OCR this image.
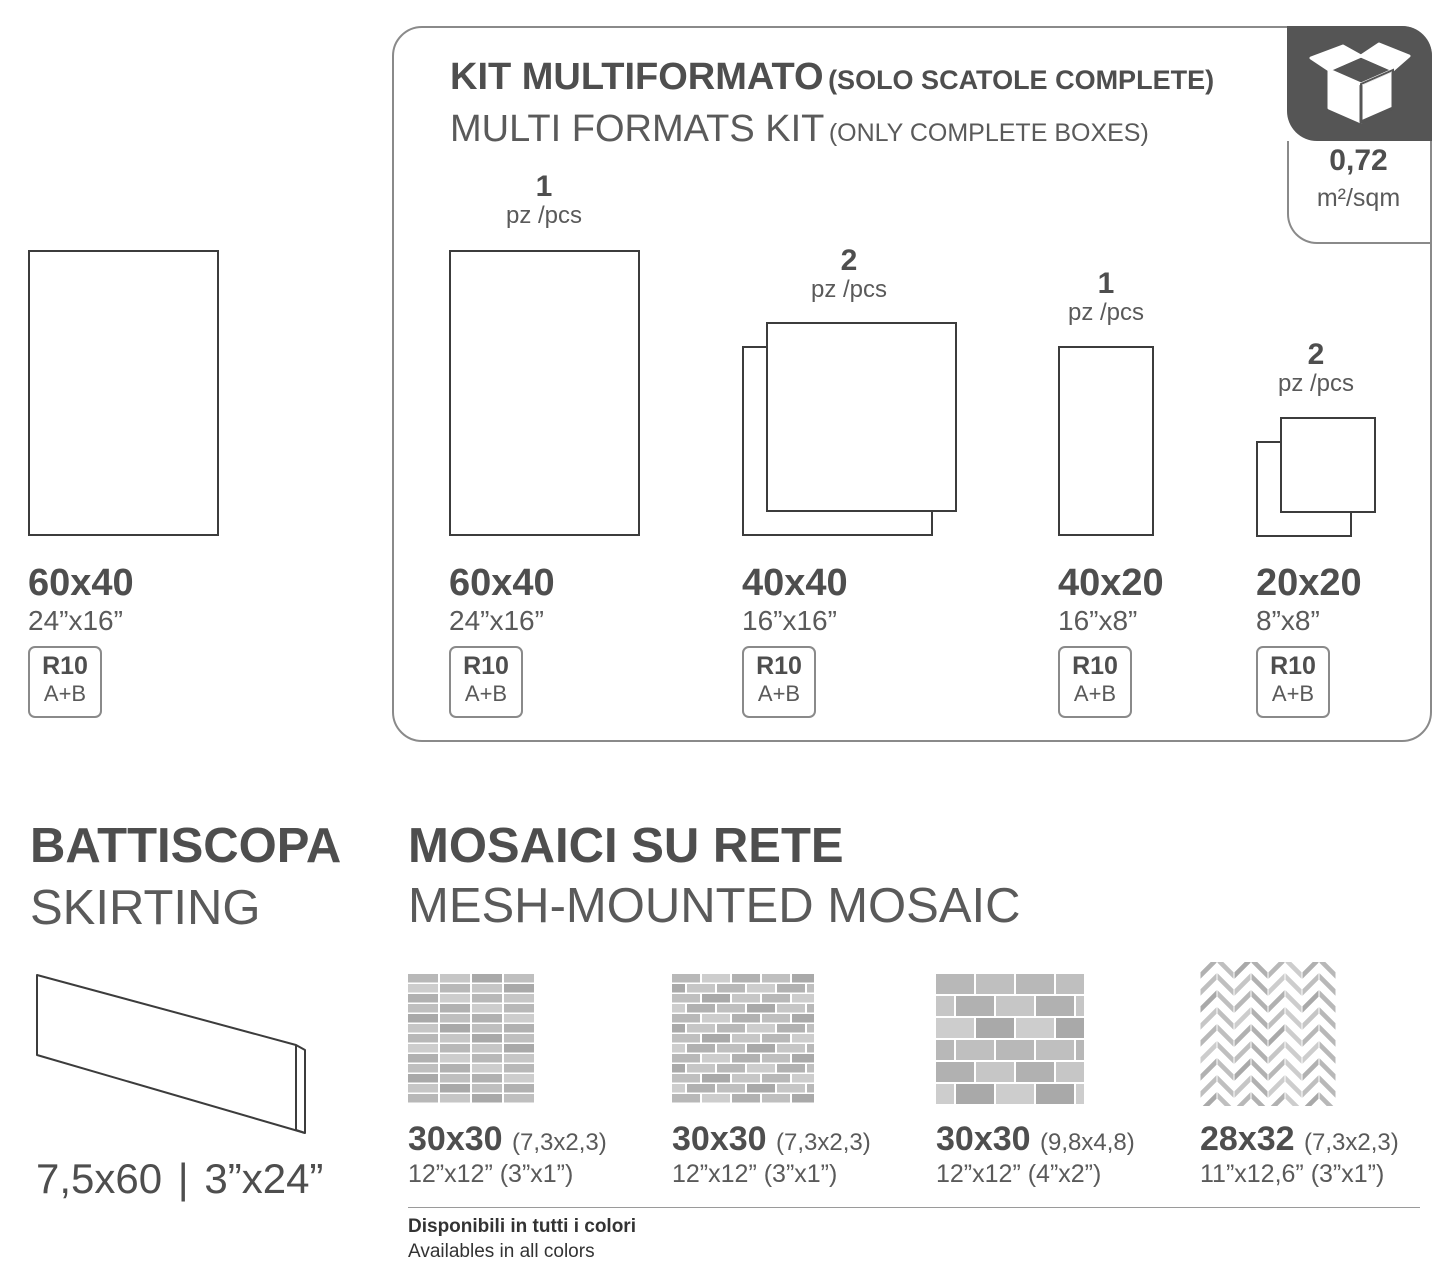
60x40
24”x16”
R10
A+B
KIT MULTIFORMATO (SOLO SCATOLE COMPLETE)
MULTI FORMATS KIT (ONLY COMPLETE BOXES)
0,72
m²/sqm
1
pz /pcs
60x40
24”x16”
R10
A+B
2
pz /pcs
40x40
16”x16”
R10
A+B
1
pz /pcs
40x20
16”x8”
R10
A+B
2
pz /pcs
20x20
8”x8”
R10
A+B
BATTISCOPA
SKIRTING
7,5x60 | 3”x24”
MOSAICI SU RETE
MESH-MOUNTED MOSAIC
30x30 (7,3x2,3)
12”x12” (3”x1”)
30x30 (7,3x2,3)
12”x12” (3”x1”)
30x30 (9,8x4,8)
12”x12” (4”x2”)
28x32 (7,3x2,3)
11”x12,6” (3”x1”)
Disponibili in tutti i colori
Availables in all colors
